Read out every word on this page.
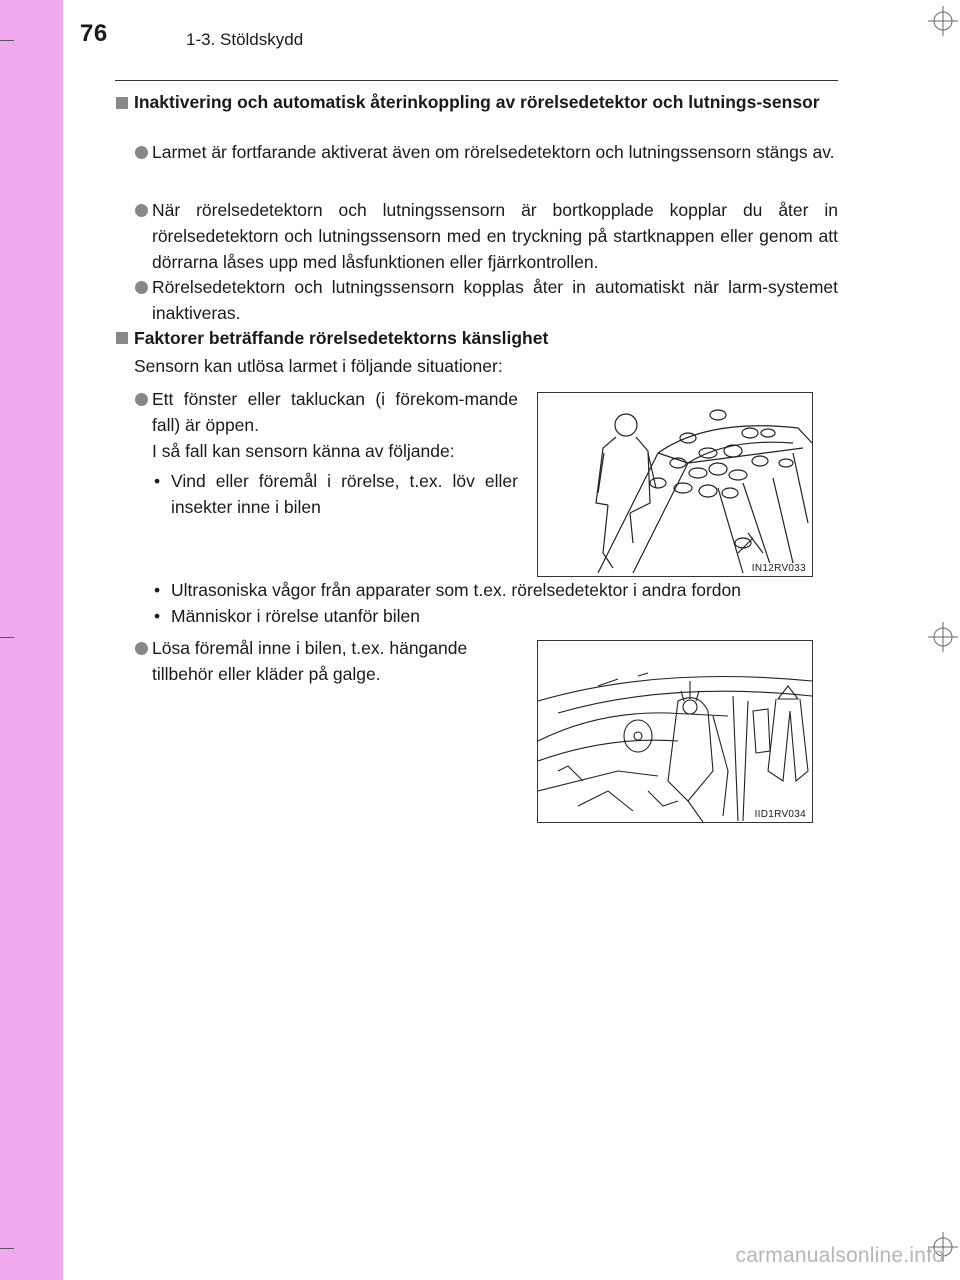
76	1-3. Stöldskydd
Inaktivering och automatisk återinkoppling av rörelsedetektor och lutnings-sensor
Larmet är fortfarande aktiverat även om rörelsedetektorn och lutningssensorn stängs av.
När rörelsedetektorn och lutningssensorn är bortkopplade kopplar du åter in rörelsedetektorn och lutningssensorn med en tryckning på startknappen eller genom att dörrarna låses upp med låsfunktionen eller fjärrkontrollen.
Rörelsedetektorn och lutningssensorn kopplas åter in automatiskt när larm-systemet inaktiveras.
Faktorer beträffande rörelsedetektorns känslighet
Sensorn kan utlösa larmet i följande situationer:
Ett fönster eller takluckan (i förekom-mande fall) är öppen.
I så fall kan sensorn känna av följande:
• Vind eller föremål i rörelse, t.ex. löv eller insekter inne i bilen
• Ultrasoniska vågor från apparater som t.ex. rörelsedetektor i andra fordon
• Människor i rörelse utanför bilen
Lösa föremål inne i bilen, t.ex. hängande tillbehör eller kläder på galge.
IN12RV033
IID1RV034
carmanualsonline.info
